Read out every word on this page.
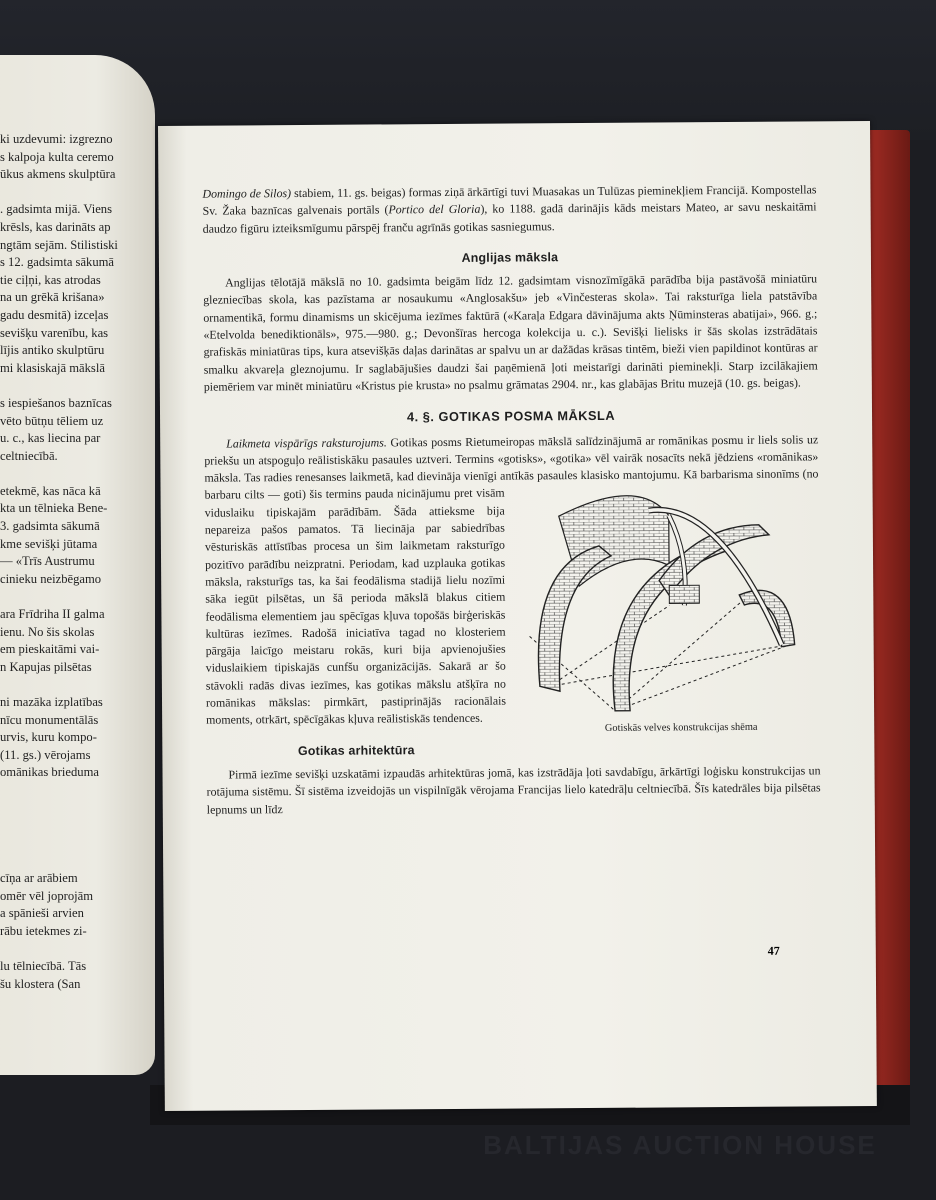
ki uzdevumi: izgrezno
s kalpoja kulta ceremo
ūkus akmens skulptūra
. gadsimta mijā. Viens
krēsls, kas darināts ap
ngtām sejām. Stilistiski
s 12. gadsimta sākumā
tie ciļņi, kas atrodas
na un grēkā krišana»
gadu desmitā) izceļas
sevišķu varenību, kas
lījis antiko skulptūru
mi klasiskajā mākslā
s iespiešanos baznīcas
vēto būtņu tēliem uz
u. c., kas liecina par
celtniecībā.
etekmē, kas nāca kā
kta un tēlnieka Bene-
3. gadsimta sākumā
kme sevišķi jūtama
— «Trīs Austrumu
cinieku neizbēgamo
ara Frīdriha II galma
ienu. No šis skolas
em pieskaitāmi vai-
n Kapujas pilsētas
ni mazāka izplatības
nīcu monumentālās
urvis, kuru kompo-
(11. gs.) vērojams
omānikas brieduma
cīņa ar arābiem
omēr vēl joprojām
a spānieši arvien
rābu ietekmes zi-
lu tēlniecībā. Tās
šu klostera (San

Domingo de Silos) stabiem, 11. gs. beigas) formas ziņā ārkārtīgi tuvi Muasakas un Tulūzas pieminekļiem Francijā. Kompostellas Sv. Žaka baznīcas galvenais portāls (Portico del Gloria), ko 1188. gadā darinājis kāds meistars Mateo, ar savu neskaitāmi daudzo figūru izteiksmīgumu pārspēj franču agrīnās gotikas sasniegumus.

Anglijas māksla

Anglijas tēlotājā mākslā no 10. gadsimta beigām līdz 12. gadsimtam visnozīmīgākā parādība bija pastāvošā miniatūru glezniecības skola, kas pazīstama ar nosaukumu «Anglosakšu» jeb «Vinčesteras skola». Tai raksturīga liela patstāvība ornamentikā, formu dinamisms un skicējuma iezīmes faktūrā («Karaļa Edgara dāvinājuma akts Ņūminsteras abatijai», 966. g.; «Etelvolda benediktionāls», 975.—980. g.; Devonšīras hercoga kolekcija u. c.). Sevišķi lielisks ir šās skolas izstrādātais grafiskās miniatūras tips, kura atsevišķās daļas darinātas ar spalvu un ar dažādas krāsas tintēm, bieži vien papildinot kontūras ar smalku akvareļa gleznojumu. Ir saglabājušies daudzi šai paņēmienā ļoti meistarīgi darināti pieminekļi. Starp izcilākajiem piemēriem var minēt miniatūru «Kristus pie krusta» no psalmu grāmatas 2904. nr., kas glabājas Britu muzejā (10. gs. beigas).

4. §. GOTIKAS POSMA MĀKSLA

Laikmeta vispārīgs raksturojums. Gotikas posms Rietumeiropas mākslā salīdzinājumā ar romānikas posmu ir liels solis uz priekšu un atspoguļo reālistiskāku pasaules uztveri. Termins «gotisks», «gotika» vēl vairāk nosacīts nekā jēdziens «romānikas» māksla. Tas radies renesanses laikmetā, kad dievināja vienīgi antīkās pasaules klasisko mantojumu. Kā barbarisma sinonīms (no barbaru cilts — goti) šis termins pauda nicinājumu pret visām
Gotiskās velves konstrukcijas shēma
viduslaiku tipiskajām parādībām. Šāda attieksme bija nepareiza pašos pamatos. Tā liecināja par sabiedrības vēsturiskās attīstības procesa un šim laikmetam raksturīgo pozitīvo parādību neizpratni. Periodam, kad uzplauka gotikas māksla, raksturīgs tas, ka šai feodālisma stadijā lielu nozīmi sāka iegūt pilsētas, un šā perioda mākslā blakus citiem feodālisma elementiem jau spēcīgas kļuva topošās birģeriskās kultūras iezīmes. Radošā iniciatīva tagad no klosteriem pārgāja laicīgo meistaru rokās, kuri bija apvienojušies viduslaikiem tipiskajās cunfšu organizācijās. Sakarā ar šo stāvokli radās divas iezīmes, kas gotikas mākslu atšķīra no romānikas mākslas: pirmkārt, pastiprinājās racionālais moments, otrkārt, spēcīgākas kļuva reālistiskās tendences.

Gotikas arhitektūra

Pirmā iezīme sevišķi uzskatāmi izpaudās arhitektūras jomā, kas izstrādāja ļoti savdabīgu, ārkārtīgi loģisku konstrukcijas un rotājuma sistēmu. Šī sistēma izveidojās un vispilnīgāk vērojama Francijas lielo katedrāļu celtniecībā. Šīs katedrāles bija pilsētas lepnums un līdz

47
BALTIJAS AUCTION HOUSE
